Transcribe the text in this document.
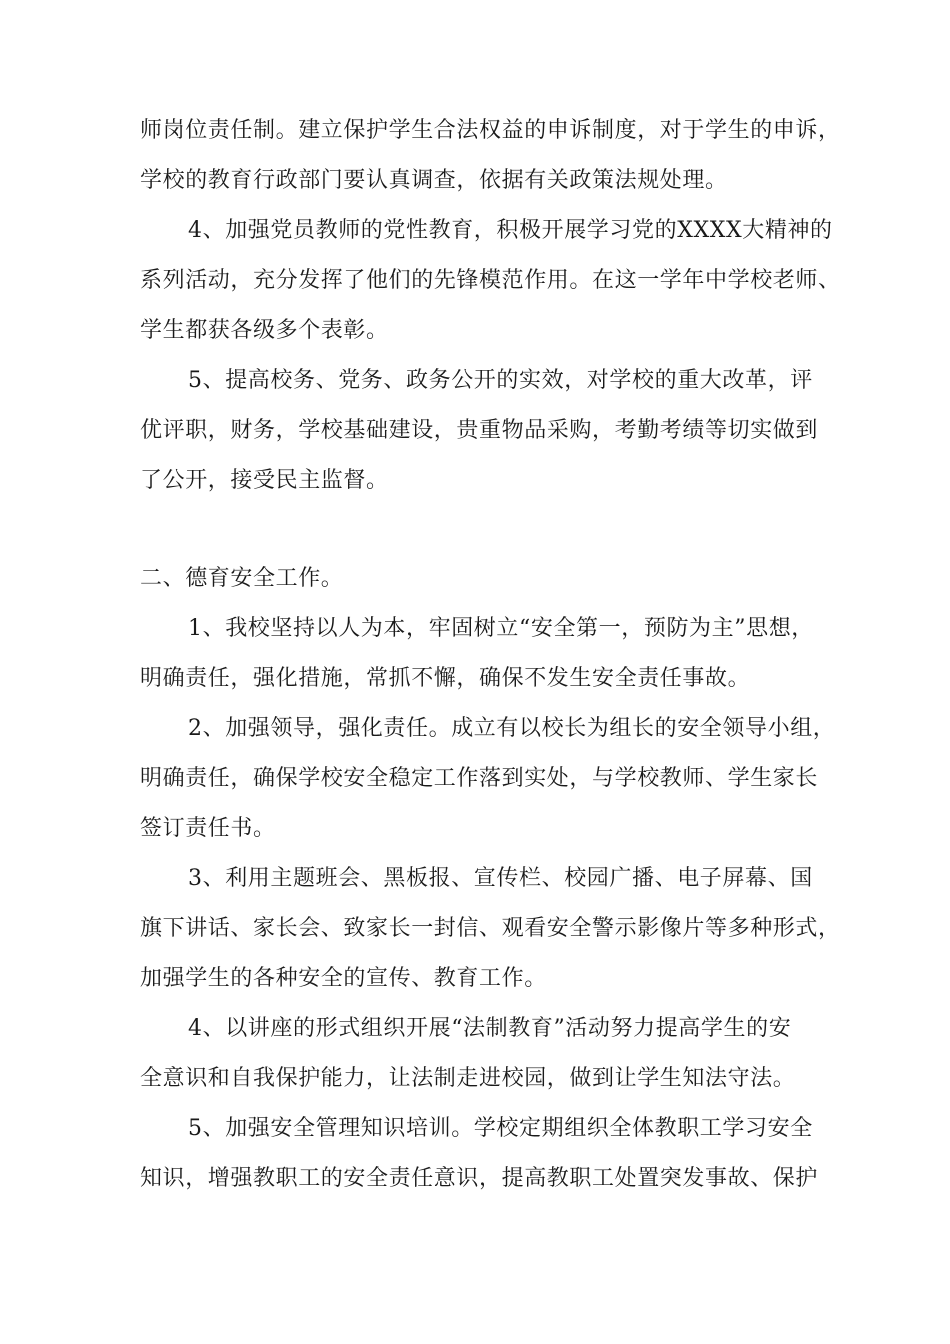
师岗位责任制。建立保护学生合法权益的申诉制度，对于学生的申诉，
学校的教育行政部门要认真调查，依据有关政策法规处理。
4、加强党员教师的党性教育，积极开展学习党的XXXX大精神的
系列活动，充分发挥了他们的先锋模范作用。在这一学年中学校老师、
学生都获各级多个表彰。
5、提高校务、党务、政务公开的实效，对学校的重大改革，评
优评职，财务，学校基础建设，贵重物品采购，考勤考绩等切实做到
了公开，接受民主监督。
二、德育安全工作。
1、我校坚持以人为本，牢固树立“安全第一，预防为主”思想，
明确责任，强化措施，常抓不懈，确保不发生安全责任事故。
2、加强领导，强化责任。成立有以校长为组长的安全领导小组，
明确责任，确保学校安全稳定工作落到实处，与学校教师、学生家长
签订责任书。
3、利用主题班会、黑板报、宣传栏、校园广播、电子屏幕、国
旗下讲话、家长会、致家长一封信、观看安全警示影像片等多种形式，
加强学生的各种安全的宣传、教育工作。
4、以讲座的形式组织开展“法制教育”活动努力提高学生的安
全意识和自我保护能力，让法制走进校园，做到让学生知法守法。
5、加强安全管理知识培训。学校定期组织全体教职工学习安全
知识，增强教职工的安全责任意识，提高教职工处置突发事故、保护
